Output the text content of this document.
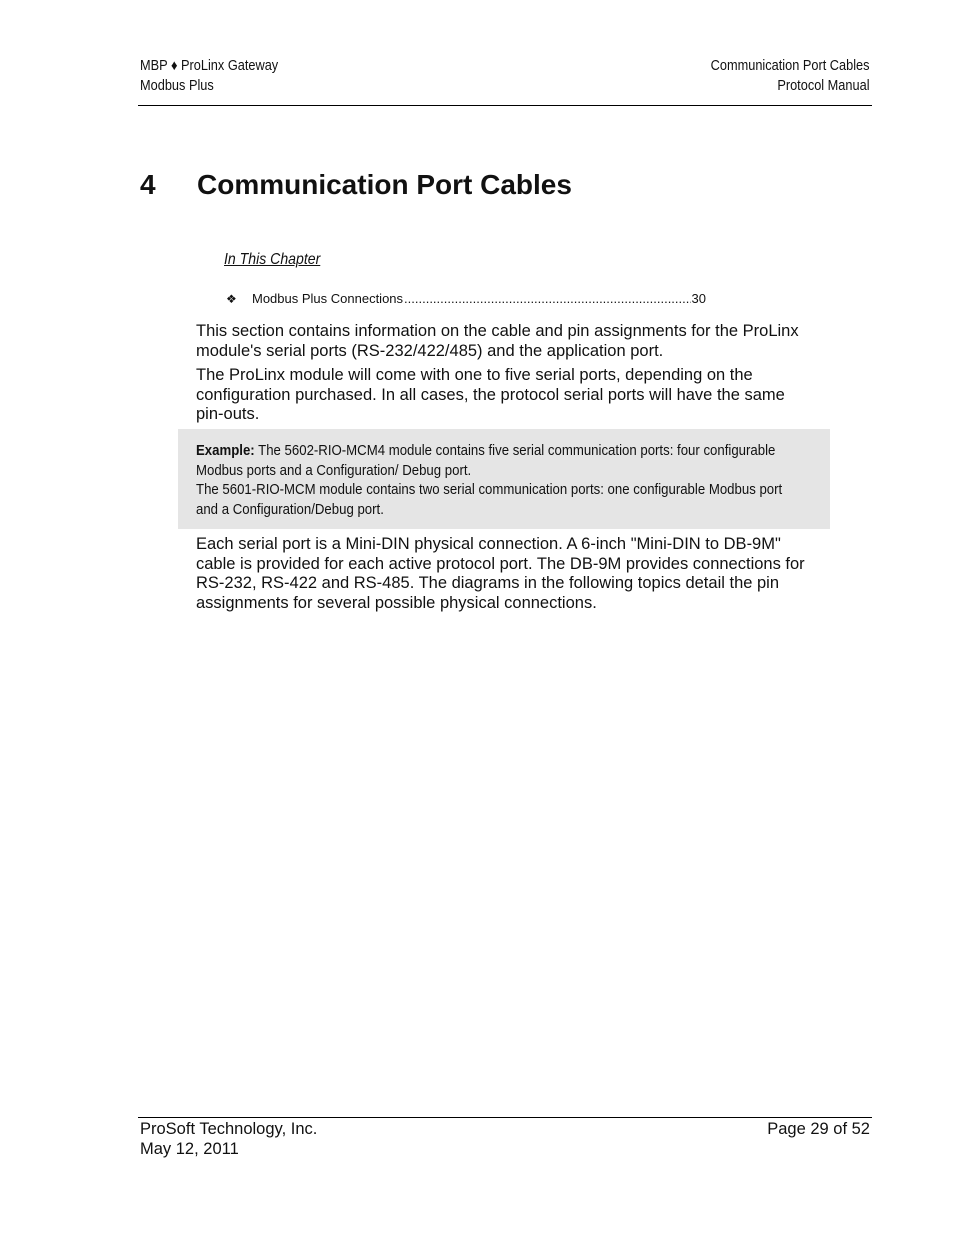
MBP ♦ ProLinx Gateway
Modbus Plus
Communication Port Cables
Protocol Manual
4 Communication Port Cables
In This Chapter
❖	Modbus Plus Connections
.....	30
This section contains information on the cable and pin assignments for the ProLinx module's serial ports (RS-232/422/485) and the application port.
The ProLinx module will come with one to five serial ports, depending on the configuration purchased. In all cases, the protocol serial ports will have the same pin-outs.
Example: The 5602-RIO-MCM4 module contains five serial communication ports: four configurable Modbus ports and a Configuration/ Debug port.
The 5601-RIO-MCM module contains two serial communication ports: one configurable Modbus port and a Configuration/Debug port.
Each serial port is a Mini-DIN physical connection. A 6-inch "Mini-DIN to DB-9M" cable is provided for each active protocol port. The DB-9M provides connections for RS-232, RS-422 and RS-485. The diagrams in the following topics detail the pin assignments for several possible physical connections.
ProSoft Technology, Inc.
May 12, 2011
Page 29 of 52
